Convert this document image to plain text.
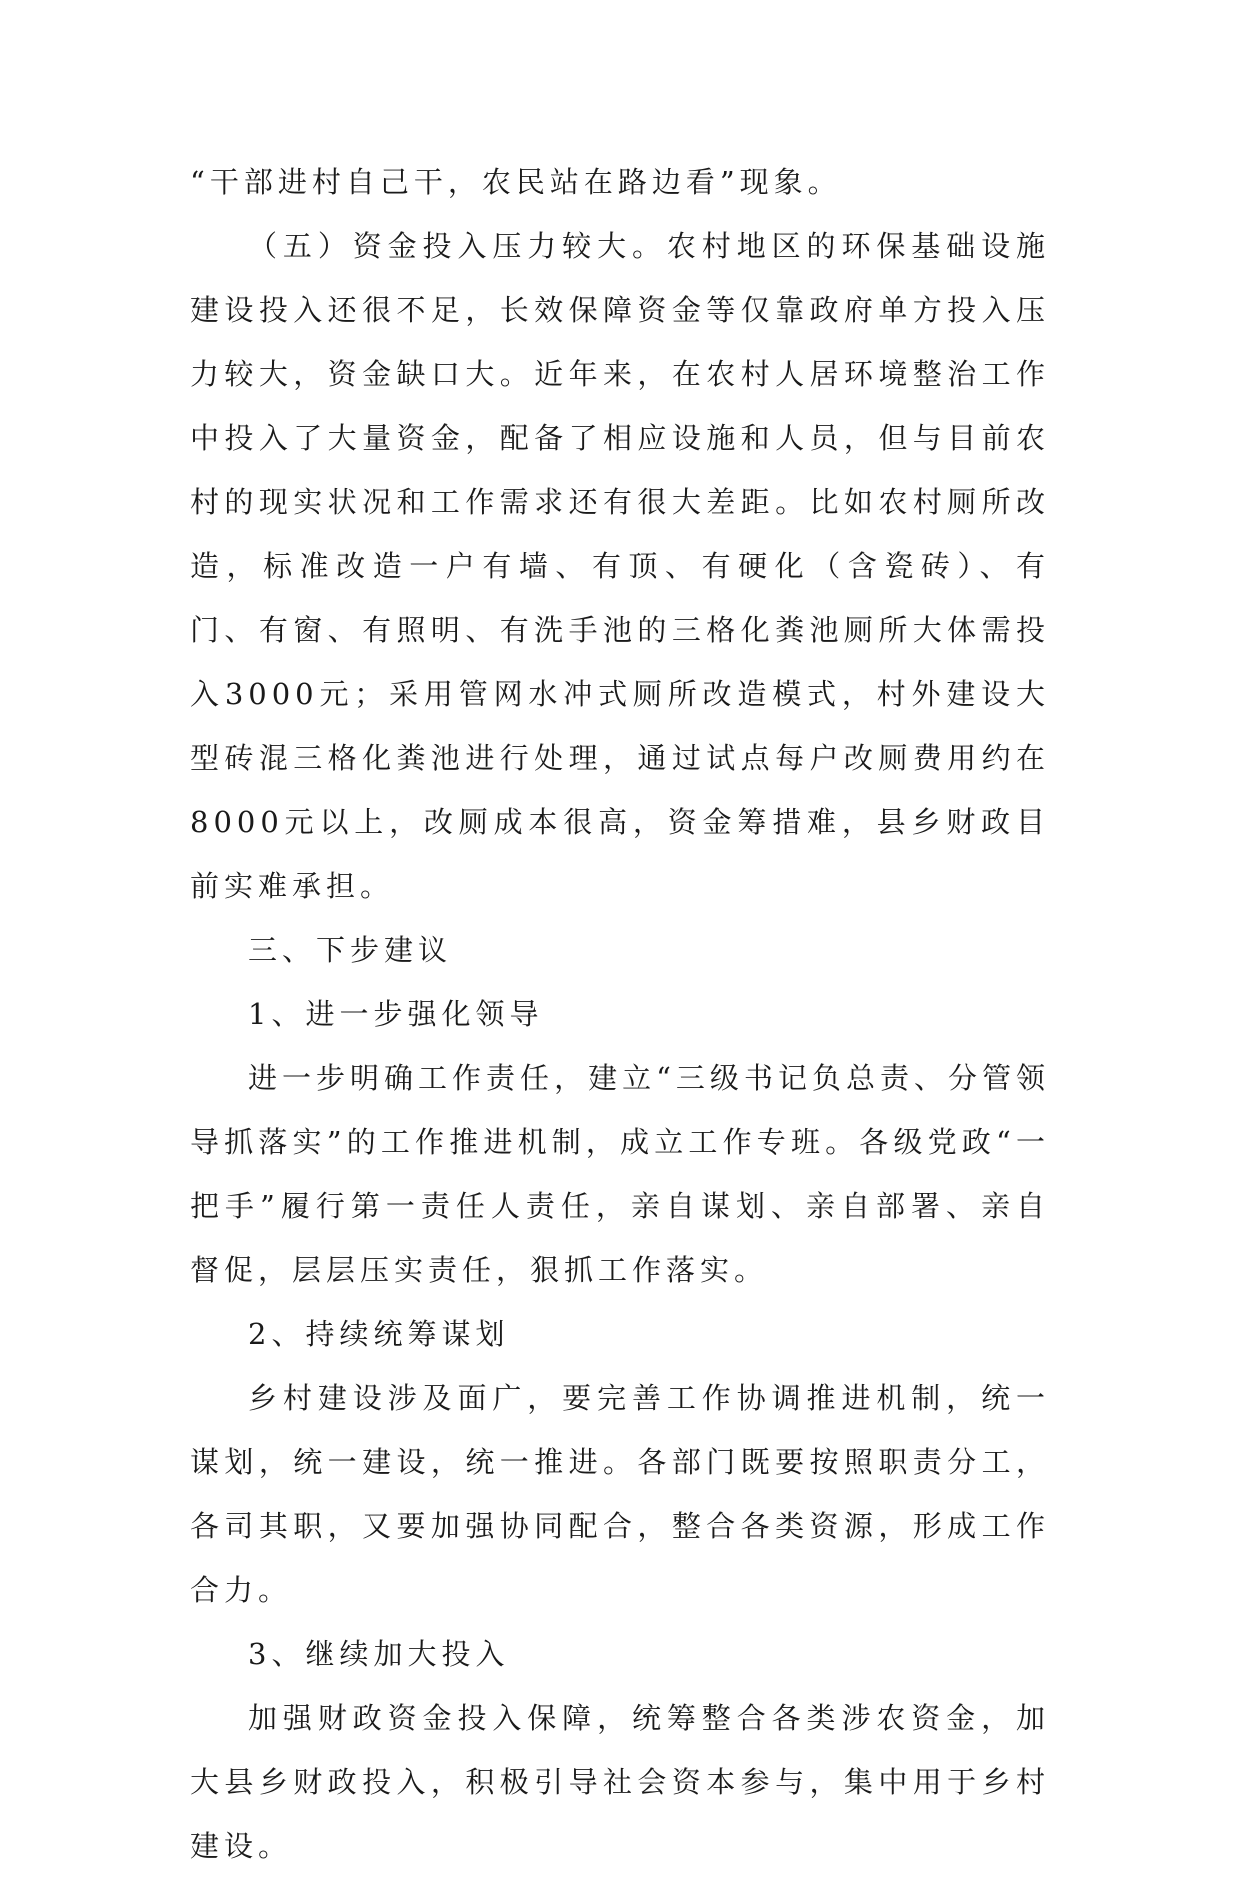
“干部进村自己干，农民站在路边看”现象。

（五）资金投入压力较大。农村地区的环保基础设施建设投入还很不足，长效保障资金等仅靠政府单方投入压力较大，资金缺口大。近年来，在农村人居环境整治工作中投入了大量资金，配备了相应设施和人员，但与目前农村的现实状况和工作需求还有很大差距。比如农村厕所改造，标准改造一户有墙、有顶、有硬化（含瓷砖）、有门、有窗、有照明、有洗手池的三格化粪池厕所大体需投入3000元；采用管网水冲式厕所改造模式，村外建设大型砖混三格化粪池进行处理，通过试点每户改厕费用约在8000元以上，改厕成本很高，资金筹措难，县乡财政目前实难承担。

三、下步建议

1、进一步强化领导

进一步明确工作责任，建立“三级书记负总责、分管领导抓落实”的工作推进机制，成立工作专班。各级党政“一把手”履行第一责任人责任，亲自谋划、亲自部署、亲自督促，层层压实责任，狠抓工作落实。

2、持续统筹谋划

乡村建设涉及面广，要完善工作协调推进机制，统一谋划，统一建设，统一推进。各部门既要按照职责分工，各司其职，又要加强协同配合，整合各类资源，形成工作合力。

3、继续加大投入

加强财政资金投入保障，统筹整合各类涉农资金，加大县乡财政投入，积极引导社会资本参与，集中用于乡村建设。
